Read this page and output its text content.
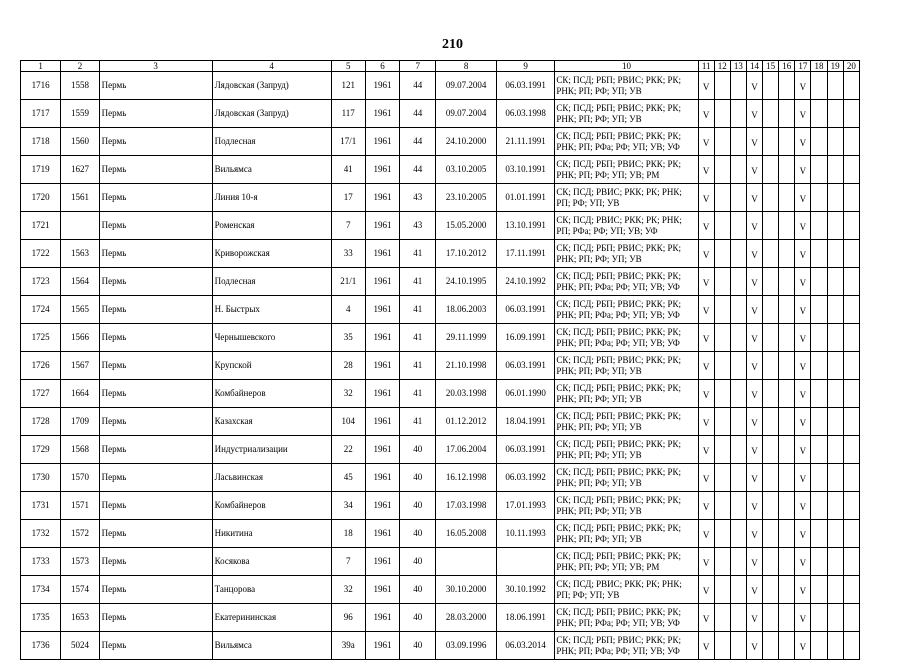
210
1	2	3	4	5	6	7	8	9	10	11	12	13	14	15	16	17	18	19	20
1716	1558	Пермь	Лядовская (Запруд)	121	1961	44	09.07.2004	06.03.1991	СК; ПСД; РБП; РВИС; РКК; РК; РНК; РП; РФ; УП; УВ	V			V			V			
1717	1559	Пермь	Лядовская (Запруд)	117	1961	44	09.07.2004	06.03.1998	СК; ПСД; РБП; РВИС; РКК; РК; РНК; РП; РФ; УП; УВ	V			V			V			
1718	1560	Пермь	Подлесная	17/1	1961	44	24.10.2000	21.11.1991	СК; ПСД; РБП; РВИС; РКК; РК; РНК; РП; РФа; РФ; УП; УВ; УФ	V			V			V			
1719	1627	Пермь	Вильямса	41	1961	44	03.10.2005	03.10.1991	СК; ПСД; РБП; РВИС; РКК; РК; РНК; РП; РФ; УП; УВ; РМ	V			V			V			
1720	1561	Пермь	Линия 10-я	17	1961	43	23.10.2005	01.01.1991	СК; ПСД; РВИС; РКК; РК; РНК; РП; РФ; УП; УВ	V			V			V			
1721		Пермь	Роменская	7	1961	43	15.05.2000	13.10.1991	СК; ПСД; РВИС; РКК; РК; РНК; РП; РФа; РФ; УП; УВ; УФ	V			V			V			
1722	1563	Пермь	Криворожская	33	1961	41	17.10.2012	17.11.1991	СК; ПСД; РБП; РВИС; РКК; РК; РНК; РП; РФ; УП; УВ	V			V			V			
1723	1564	Пермь	Подлесная	21/1	1961	41	24.10.1995	24.10.1992	СК; ПСД; РБП; РВИС; РКК; РК; РНК; РП; РФа; РФ; УП; УВ; УФ	V			V			V			
1724	1565	Пермь	Н. Быстрых	4	1961	41	18.06.2003	06.03.1991	СК; ПСД; РБП; РВИС; РКК; РК; РНК; РП; РФа; РФ; УП; УВ; УФ	V			V			V			
1725	1566	Пермь	Чернышевского	35	1961	41	29.11.1999	16.09.1991	СК; ПСД; РБП; РВИС; РКК; РК; РНК; РП; РФа; РФ; УП; УВ; УФ	V			V			V			
1726	1567	Пермь	Крупской	28	1961	41	21.10.1998	06.03.1991	СК; ПСД; РБП; РВИС; РКК; РК; РНК; РП; РФ; УП; УВ	V			V			V			
1727	1664	Пермь	Комбайнеров	32	1961	41	20.03.1998	06.01.1990	СК; ПСД; РБП; РВИС; РКК; РК; РНК; РП; РФ; УП; УВ	V			V			V			
1728	1709	Пермь	Казахская	104	1961	41	01.12.2012	18.04.1991	СК; ПСД; РБП; РВИС; РКК; РК; РНК; РП; РФ; УП; УВ	V			V			V			
1729	1568	Пермь	Индустриализации	22	1961	40	17.06.2004	06.03.1991	СК; ПСД; РБП; РВИС; РКК; РК; РНК; РП; РФ; УП; УВ	V			V			V			
1730	1570	Пермь	Ласьвинская	45	1961	40	16.12.1998	06.03.1992	СК; ПСД; РБП; РВИС; РКК; РК; РНК; РП; РФ; УП; УВ	V			V			V			
1731	1571	Пермь	Комбайнеров	34	1961	40	17.03.1998	17.01.1993	СК; ПСД; РБП; РВИС; РКК; РК; РНК; РП; РФ; УП; УВ	V			V			V			
1732	1572	Пермь	Никитина	18	1961	40	16.05.2008	10.11.1993	СК; ПСД; РБП; РВИС; РКК; РК; РНК; РП; РФ; УП; УВ	V			V			V			
1733	1573	Пермь	Косякова	7	1961	40			СК; ПСД; РБП; РВИС; РКК; РК; РНК; РП; РФ; УП; УВ; РМ	V			V			V			
1734	1574	Пермь	Танцорова	32	1961	40	30.10.2000	30.10.1992	СК; ПСД; РВИС; РКК; РК; РНК; РП; РФ; УП; УВ	V			V			V			
1735	1653	Пермь	Екатерининская	96	1961	40	28.03.2000	18.06.1991	СК; ПСД; РБП; РВИС; РКК; РК; РНК; РП; РФа; РФ; УП; УВ; УФ	V			V			V			
1736	5024	Пермь	Вильямса	39а	1961	40	03.09.1996	06.03.2014	СК; ПСД; РБП; РВИС; РКК; РК; РНК; РП; РФа; РФ; УП; УВ; УФ	V			V			V			
